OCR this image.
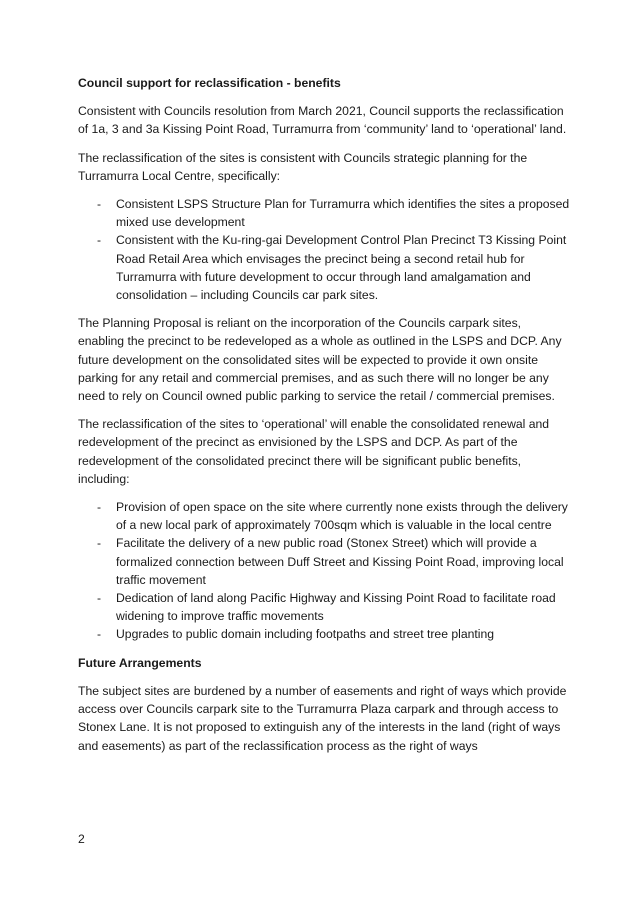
Council support for reclassification - benefits

Consistent with Councils resolution from March 2021, Council supports the reclassification of 1a, 3 and 3a Kissing Point Road, Turramurra from ‘community’ land to ‘operational’ land.

The reclassification of the sites is consistent with Councils strategic planning for the Turramurra Local Centre, specifically:

- Consistent LSPS Structure Plan for Turramurra which identifies the sites a proposed mixed use development
- Consistent with the Ku-ring-gai Development Control Plan Precinct T3 Kissing Point Road Retail Area which envisages the precinct being a second retail hub for Turramurra with future development to occur through land amalgamation and consolidation – including Councils car park sites.

The Planning Proposal is reliant on the incorporation of the Councils carpark sites, enabling the precinct to be redeveloped as a whole as outlined in the LSPS and DCP. Any future development on the consolidated sites will be expected to provide it own onsite parking for any retail and commercial premises, and as such there will no longer be any need to rely on Council owned public parking to service the retail / commercial premises.

The reclassification of the sites to ‘operational’ will enable the consolidated renewal and redevelopment of the precinct as envisioned by the LSPS and DCP. As part of the redevelopment of the consolidated precinct there will be significant public benefits, including:

- Provision of open space on the site where currently none exists through the delivery of a new local park of approximately 700sqm which is valuable in the local centre
- Facilitate the delivery of a new public road (Stonex Street) which will provide a formalized connection between Duff Street and Kissing Point Road, improving local traffic movement
- Dedication of land along Pacific Highway and Kissing Point Road to facilitate road widening to improve traffic movements
- Upgrades to public domain including footpaths and street tree planting

Future Arrangements

The subject sites are burdened by a number of easements and right of ways which provide access over Councils carpark site to the Turramurra Plaza carpark and through access to Stonex Lane. It is not proposed to extinguish any of the interests in the land (right of ways and easements) as part of the reclassification process as the right of ways

2
